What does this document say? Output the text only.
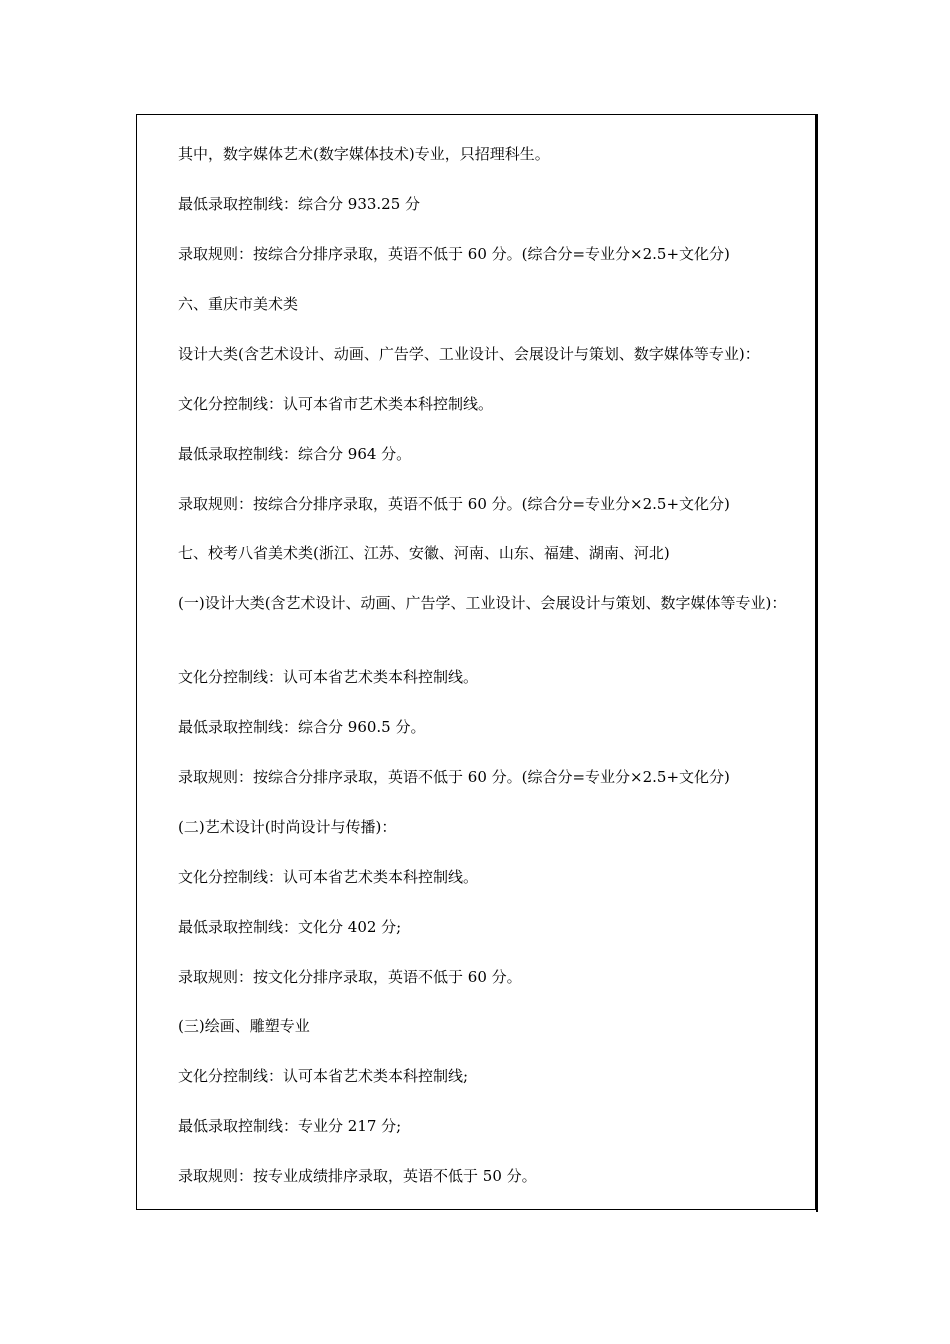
其中，数字媒体艺术(数字媒体技术)专业，只招理科生。
最低录取控制线：综合分 933.25 分
录取规则：按综合分排序录取，英语不低于 60 分。(综合分=专业分×2.5+文化分)
六、重庆市美术类
设计大类(含艺术设计、动画、广告学、工业设计、会展设计与策划、数字媒体等专业)：
文化分控制线：认可本省市艺术类本科控制线。
最低录取控制线：综合分 964 分。
录取规则：按综合分排序录取，英语不低于 60 分。(综合分=专业分×2.5+文化分)
七、校考八省美术类(浙江、江苏、安徽、河南、山东、福建、湖南、河北)
(一)设计大类(含艺术设计、动画、广告学、工业设计、会展设计与策划、数字媒体等专业)：
文化分控制线：认可本省艺术类本科控制线。
最低录取控制线：综合分 960.5 分。
录取规则：按综合分排序录取，英语不低于 60 分。(综合分=专业分×2.5+文化分)
(二)艺术设计(时尚设计与传播)：
文化分控制线：认可本省艺术类本科控制线。
最低录取控制线：文化分 402 分;
录取规则：按文化分排序录取，英语不低于 60 分。
(三)绘画、雕塑专业
文化分控制线：认可本省艺术类本科控制线;
最低录取控制线：专业分 217 分;
录取规则：按专业成绩排序录取，英语不低于 50 分。
